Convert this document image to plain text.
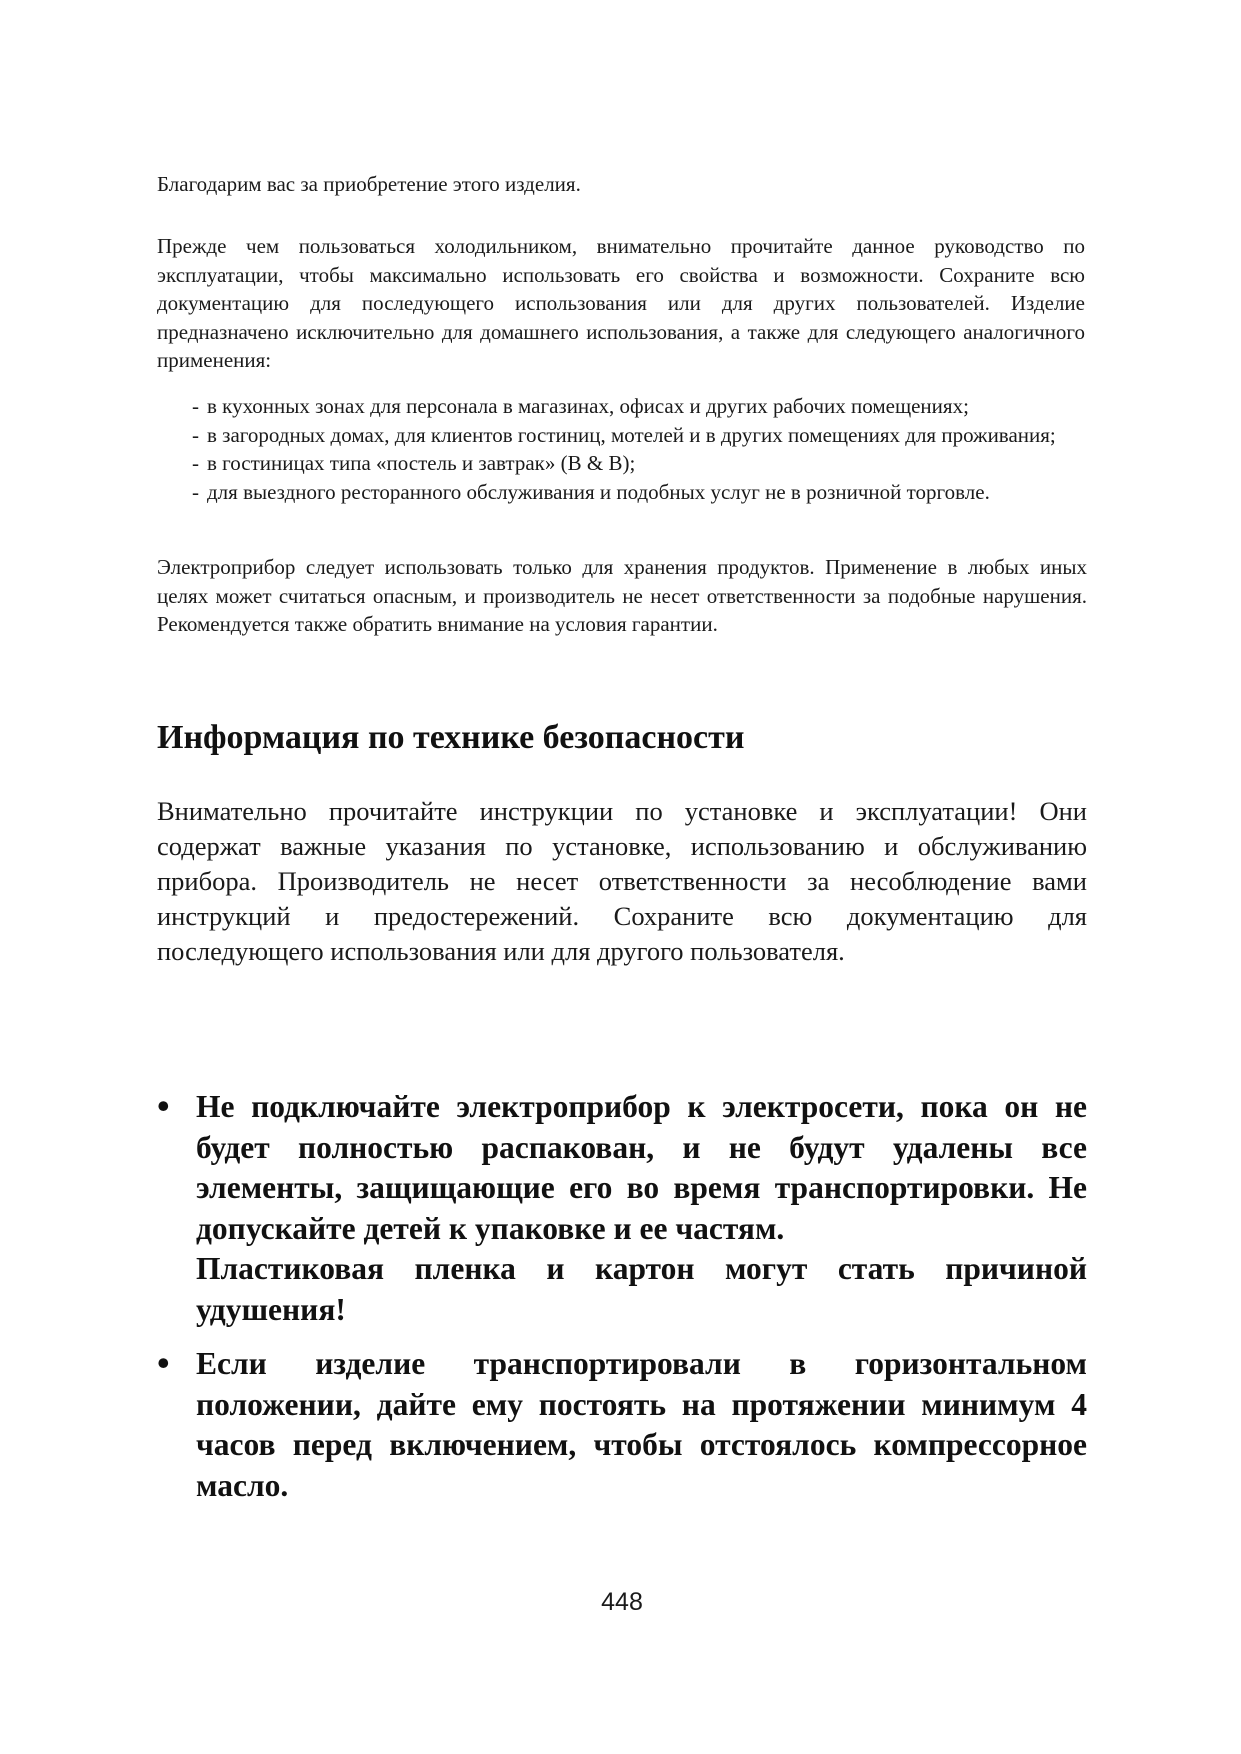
Благодарим вас за приобретение этого изделия.

Прежде чем пользоваться холодильником, внимательно прочитайте данное руководство по эксплуатации, чтобы максимально использовать его свойства и возможности. Сохраните всю документацию для последующего использования или для других пользователей. Изделие предназначено исключительно для домашнего использования, а также для следующего аналогичного применения:

- в кухонных зонах для персонала в магазинах, офисах и других рабочих помещениях;
- в загородных домах, для клиентов гостиниц, мотелей и в других помещениях для проживания;
- в гостиницах типа «постель и завтрак» (B & B);
- для выездного ресторанного обслуживания и подобных услуг не в розничной торговле.

Электроприбор следует использовать только для хранения продуктов. Применение в любых иных целях может считаться опасным, и производитель не несет ответственности за подобные нарушения. Рекомендуется также обратить внимание на условия гарантии.

Информация по технике безопасности
Внимательно прочитайте инструкции по установке и эксплуатации! Они содержат важные указания по установке, использованию и обслуживанию прибора. Производитель не несет ответственности за несоблюдение вами инструкций и предостережений. Сохраните всю документацию для последующего использования или для другого пользователя.
• Не подключайте электроприбор к электросети, пока он не будет полностью распакован, и не будут удалены все элементы, защищающие его во время транспортировки. Не допускайте детей к упаковке и ее частям.
Пластиковая пленка и картон могут стать причиной удушения!
• Если изделие транспортировали в горизонтальном положении, дайте ему постоять на протяжении минимум 4 часов перед включением, чтобы отстоялось компрессорное масло.
448
